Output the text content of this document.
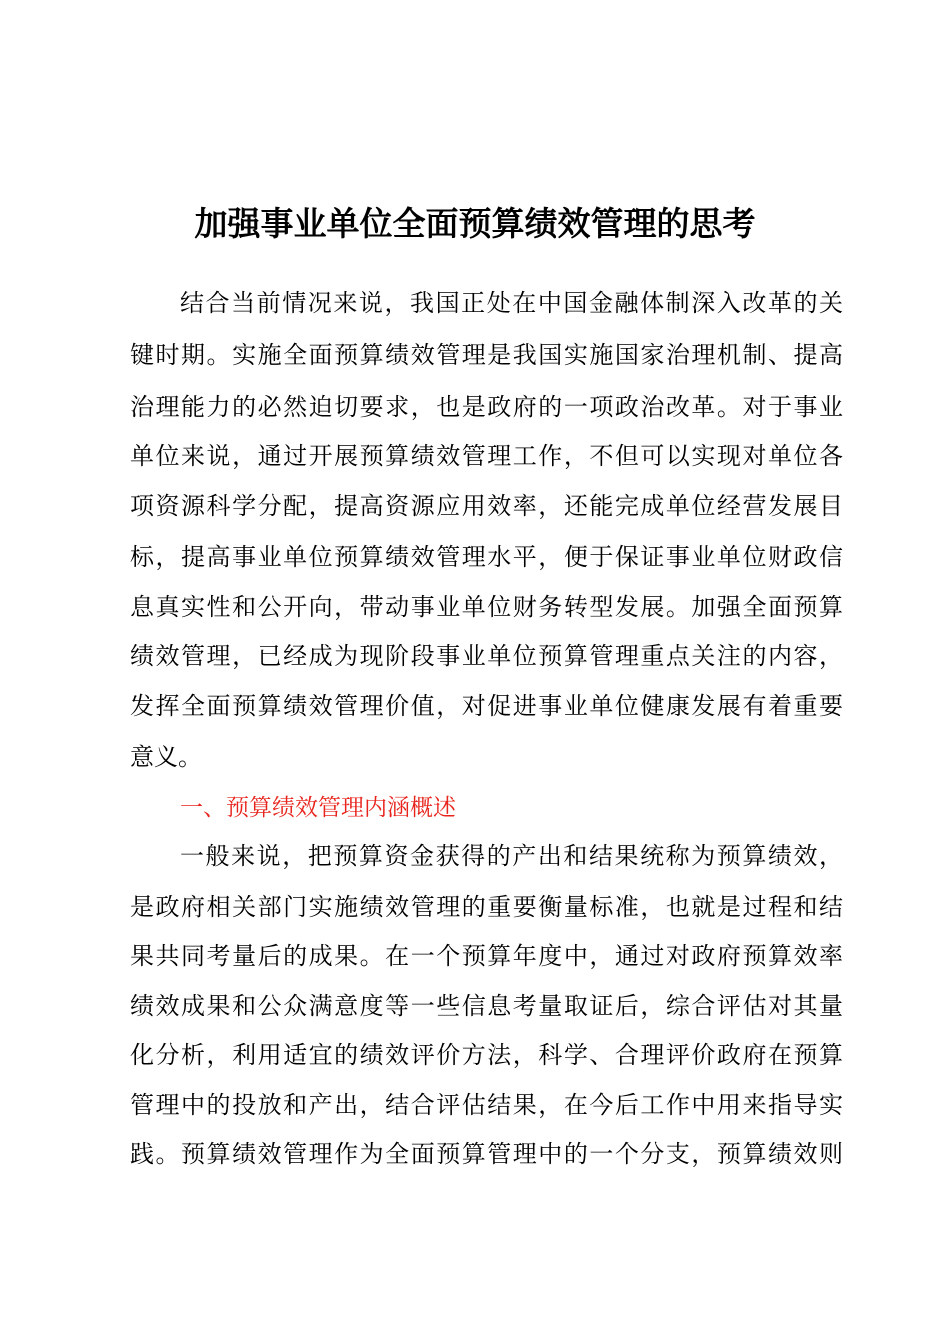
加强事业单位全面预算绩效管理的思考
结合当前情况来说，我国正处在中国金融体制深入改革的关
键时期。实施全面预算绩效管理是我国实施国家治理机制、提高
治理能力的必然迫切要求，也是政府的一项政治改革。对于事业
单位来说，通过开展预算绩效管理工作，不但可以实现对单位各
项资源科学分配，提高资源应用效率，还能完成单位经营发展目
标，提高事业单位预算绩效管理水平，便于保证事业单位财政信
息真实性和公开向，带动事业单位财务转型发展。加强全面预算
绩效管理，已经成为现阶段事业单位预算管理重点关注的内容，
发挥全面预算绩效管理价值，对促进事业单位健康发展有着重要
意义。
一、预算绩效管理内涵概述
一般来说，把预算资金获得的产出和结果统称为预算绩效，
是政府相关部门实施绩效管理的重要衡量标准，也就是过程和结
果共同考量后的成果。在一个预算年度中，通过对政府预算效率
绩效成果和公众满意度等一些信息考量取证后，综合评估对其量
化分析，利用适宜的绩效评价方法，科学、合理评价政府在预算
管理中的投放和产出，结合评估结果，在今后工作中用来指导实
践。预算绩效管理作为全面预算管理中的一个分支，预算绩效则
